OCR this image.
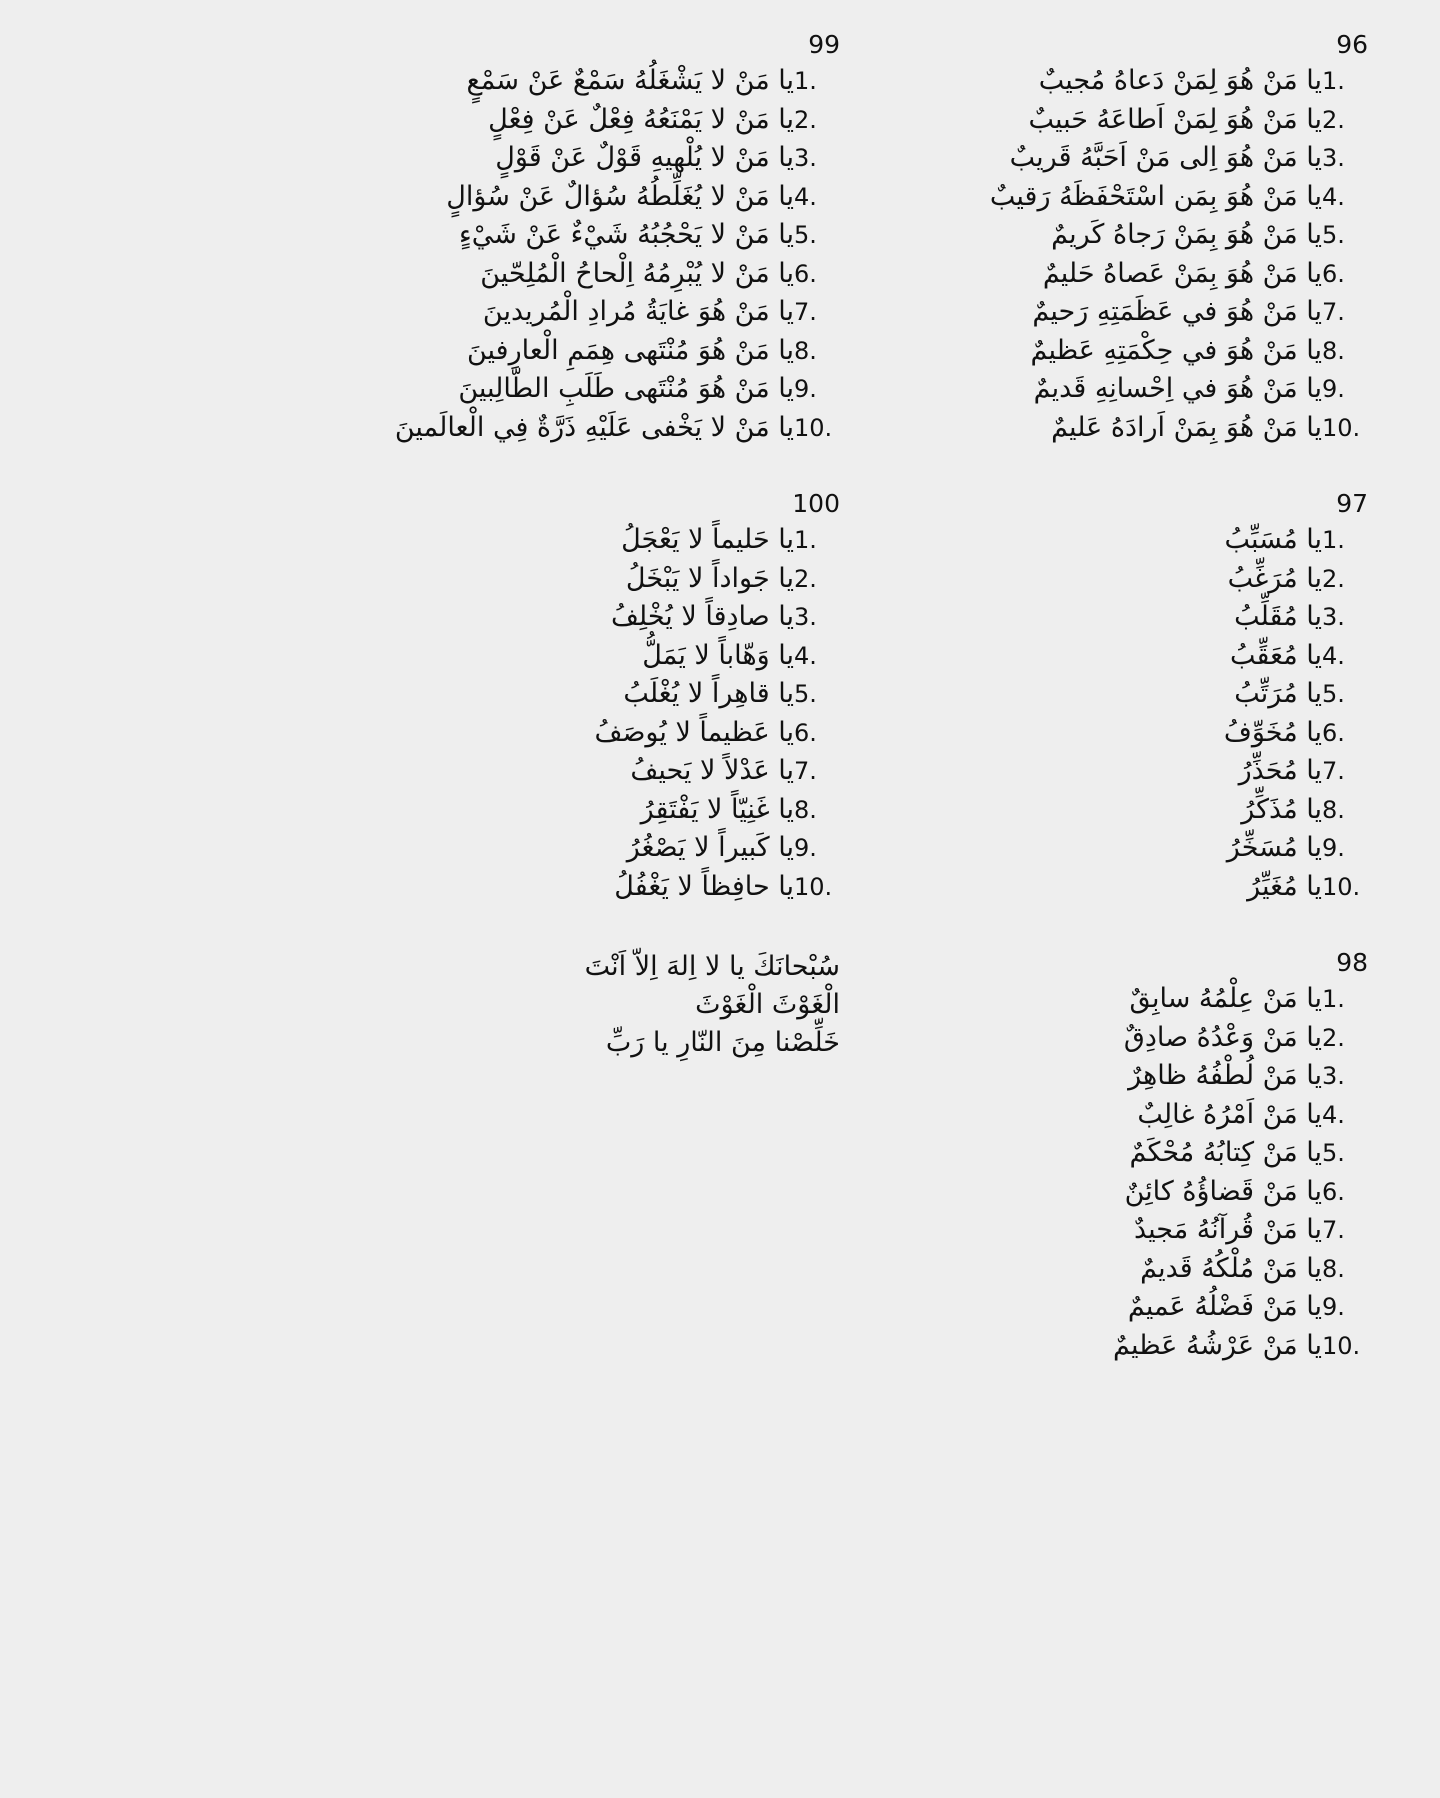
96
1.
يا مَنْ هُوَ لِمَنْ دَعاهُ مُجيبٌ
2.
يا مَنْ هُوَ لِمَنْ اَطاعَهُ حَبيبٌ
3.
يا مَنْ هُوَ اِلى مَنْ اَحَبَّهُ قَريبٌ
4.
يا مَنْ هُوَ بِمَن اسْتَحْفَظَهُ رَقيبٌ
5.
يا مَنْ هُوَ بِمَنْ رَجاهُ كَريمٌ
6.
يا مَنْ هُوَ بِمَنْ عَصاهُ حَليمٌ
7.
يا مَنْ هُوَ في عَظَمَتِهِ رَحيمٌ
8.
يا مَنْ هُوَ في حِكْمَتِهِ عَظيمٌ
9.
يا مَنْ هُوَ في اِحْسانِهِ قَديمٌ
10.
يا مَنْ هُوَ بِمَنْ اَرادَهُ عَليمٌ
97
1.
يا مُسَبِّبُ
2.
يا مُرَغِّبُ
3.
يا مُقَلِّبُ
4.
يا مُعَقِّبُ
5.
يا مُرَتِّبُ
6.
يا مُخَوِّفُ
7.
يا مُحَذِّرُ
8.
يا مُذَكِّرُ
9.
يا مُسَخِّرُ
10.
يا مُغَيِّرُ
98
1.
يا مَنْ عِلْمُهُ سابِقٌ
2.
يا مَنْ وَعْدُهُ صادِقٌ
3.
يا مَنْ لُطْفُهُ ظاهِرٌ
4.
يا مَنْ اَمْرُهُ غالِبٌ
5.
يا مَنْ كِتابُهُ مُحْكَمٌ
6.
يا مَنْ قَضاؤُهُ كائِنٌ
7.
يا مَنْ قُرآنُهُ مَجيدٌ
8.
يا مَنْ مُلْكُهُ قَديمٌ
9.
يا مَنْ فَضْلُهُ عَميمٌ
10.
يا مَنْ عَرْشُهُ عَظيمٌ
99
1.
يا مَنْ لا يَشْغَلُهُ سَمْعٌ عَنْ سَمْعٍ
2.
يا مَنْ لا يَمْنَعُهُ فِعْلٌ عَنْ فِعْلٍ
3.
يا مَنْ لا يُلْهيهِ قَوْلٌ عَنْ قَوْلٍ
4.
يا مَنْ لا يُغَلِّطُهُ سُؤالٌ عَنْ سُؤالٍ
5.
يا مَنْ لا يَحْجُبُهُ شَيْءٌ عَنْ شَيْءٍ
6.
يا مَنْ لا يُبْرِمُهُ اِلْحاحُ الْمُلِحّينَ
7.
يا مَنْ هُوَ غايَةُ مُرادِ الْمُريدينَ
8.
يا مَنْ هُوَ مُنْتَهى هِمَمِ الْعارِفينَ
9.
يا مَنْ هُوَ مُنْتَهى طَلَبِ الطّالِبينَ
10.
يا مَنْ لا يَخْفى عَلَيْهِ ذَرَّةٌ فِي الْعالَمينَ
100
1.
يا حَليماً لا يَعْجَلُ
2.
يا جَواداً لا يَبْخَلُ
3.
يا صادِقاً لا يُخْلِفُ
4.
يا وَهّاباً لا يَمَلُّ
5.
يا قاهِراً لا يُغْلَبُ
6.
يا عَظيماً لا يُوصَفُ
7.
يا عَدْلاً لا يَحيفُ
8.
يا غَنِيّاً لا يَفْتَقِرُ
9.
يا كَبيراً لا يَصْغُرُ
10.
يا حافِظاً لا يَغْفُلُ
سُبْحانَكَ يا لا اِلهَ اِلاّ اَنْتَ
الْغَوْثَ الْغَوْثَ
خَلِّصْنا مِنَ النّارِ يا رَبِّ
